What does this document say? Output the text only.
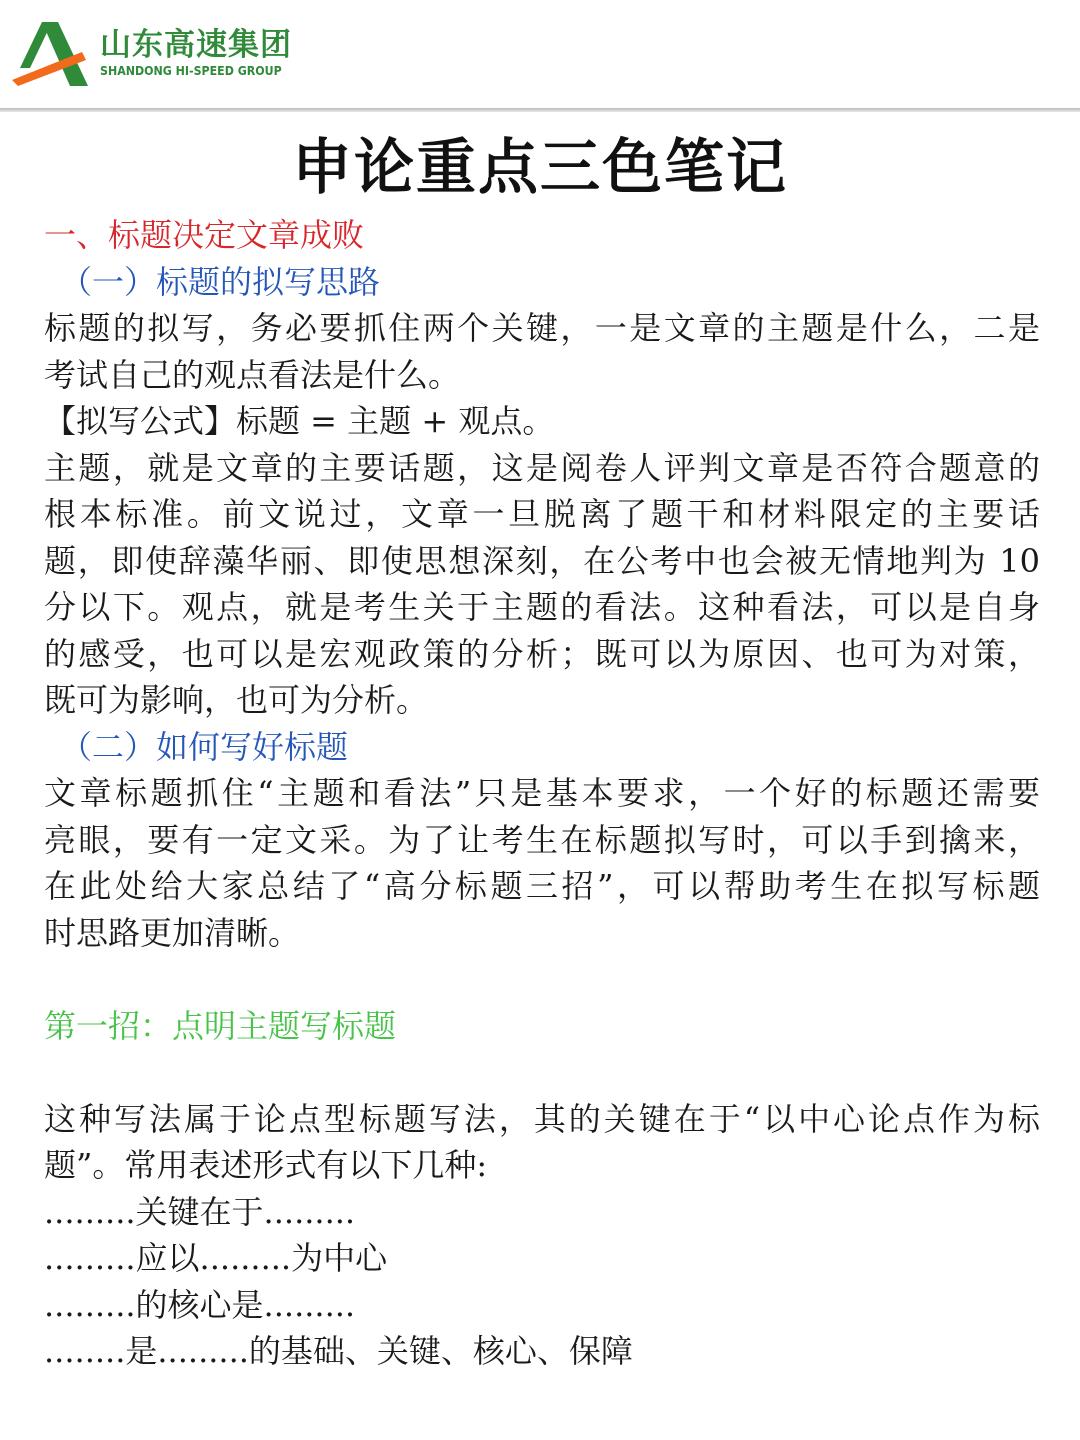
山东高速集团
SHANDONG HI-SPEED GROUP
申论重点三色笔记
一、标题决定文章成败
（一）标题的拟写思路
标题的拟写，务必要抓住两个关键，一是文章的主题是什么，二是
考试自己的观点看法是什么。
【拟写公式】标题 = 主题 + 观点。
主题，就是文章的主要话题，这是阅卷人评判文章是否符合题意的
根本标准。前文说过，文章一旦脱离了题干和材料限定的主要话
题，即使辞藻华丽、即使思想深刻，在公考中也会被无情地判为 10
分以下。观点，就是考生关于主题的看法。这种看法，可以是自身
的感受，也可以是宏观政策的分析；既可以为原因、也可为对策，
既可为影响，也可为分析。
（二）如何写好标题
文章标题抓住“主题和看法”只是基本要求，一个好的标题还需要
亮眼，要有一定文采。为了让考生在标题拟写时，可以手到擒来，
在此处给大家总结了“高分标题三招”，可以帮助考生在拟写标题
时思路更加清晰。
第一招：点明主题写标题
这种写法属于论点型标题写法，其的关键在于“以中心论点作为标
题”。常用表述形式有以下几种:
.........关键在于.........
.........应以.........为中心
.........的核心是.........
........是.........的基础、关键、核心、保障
